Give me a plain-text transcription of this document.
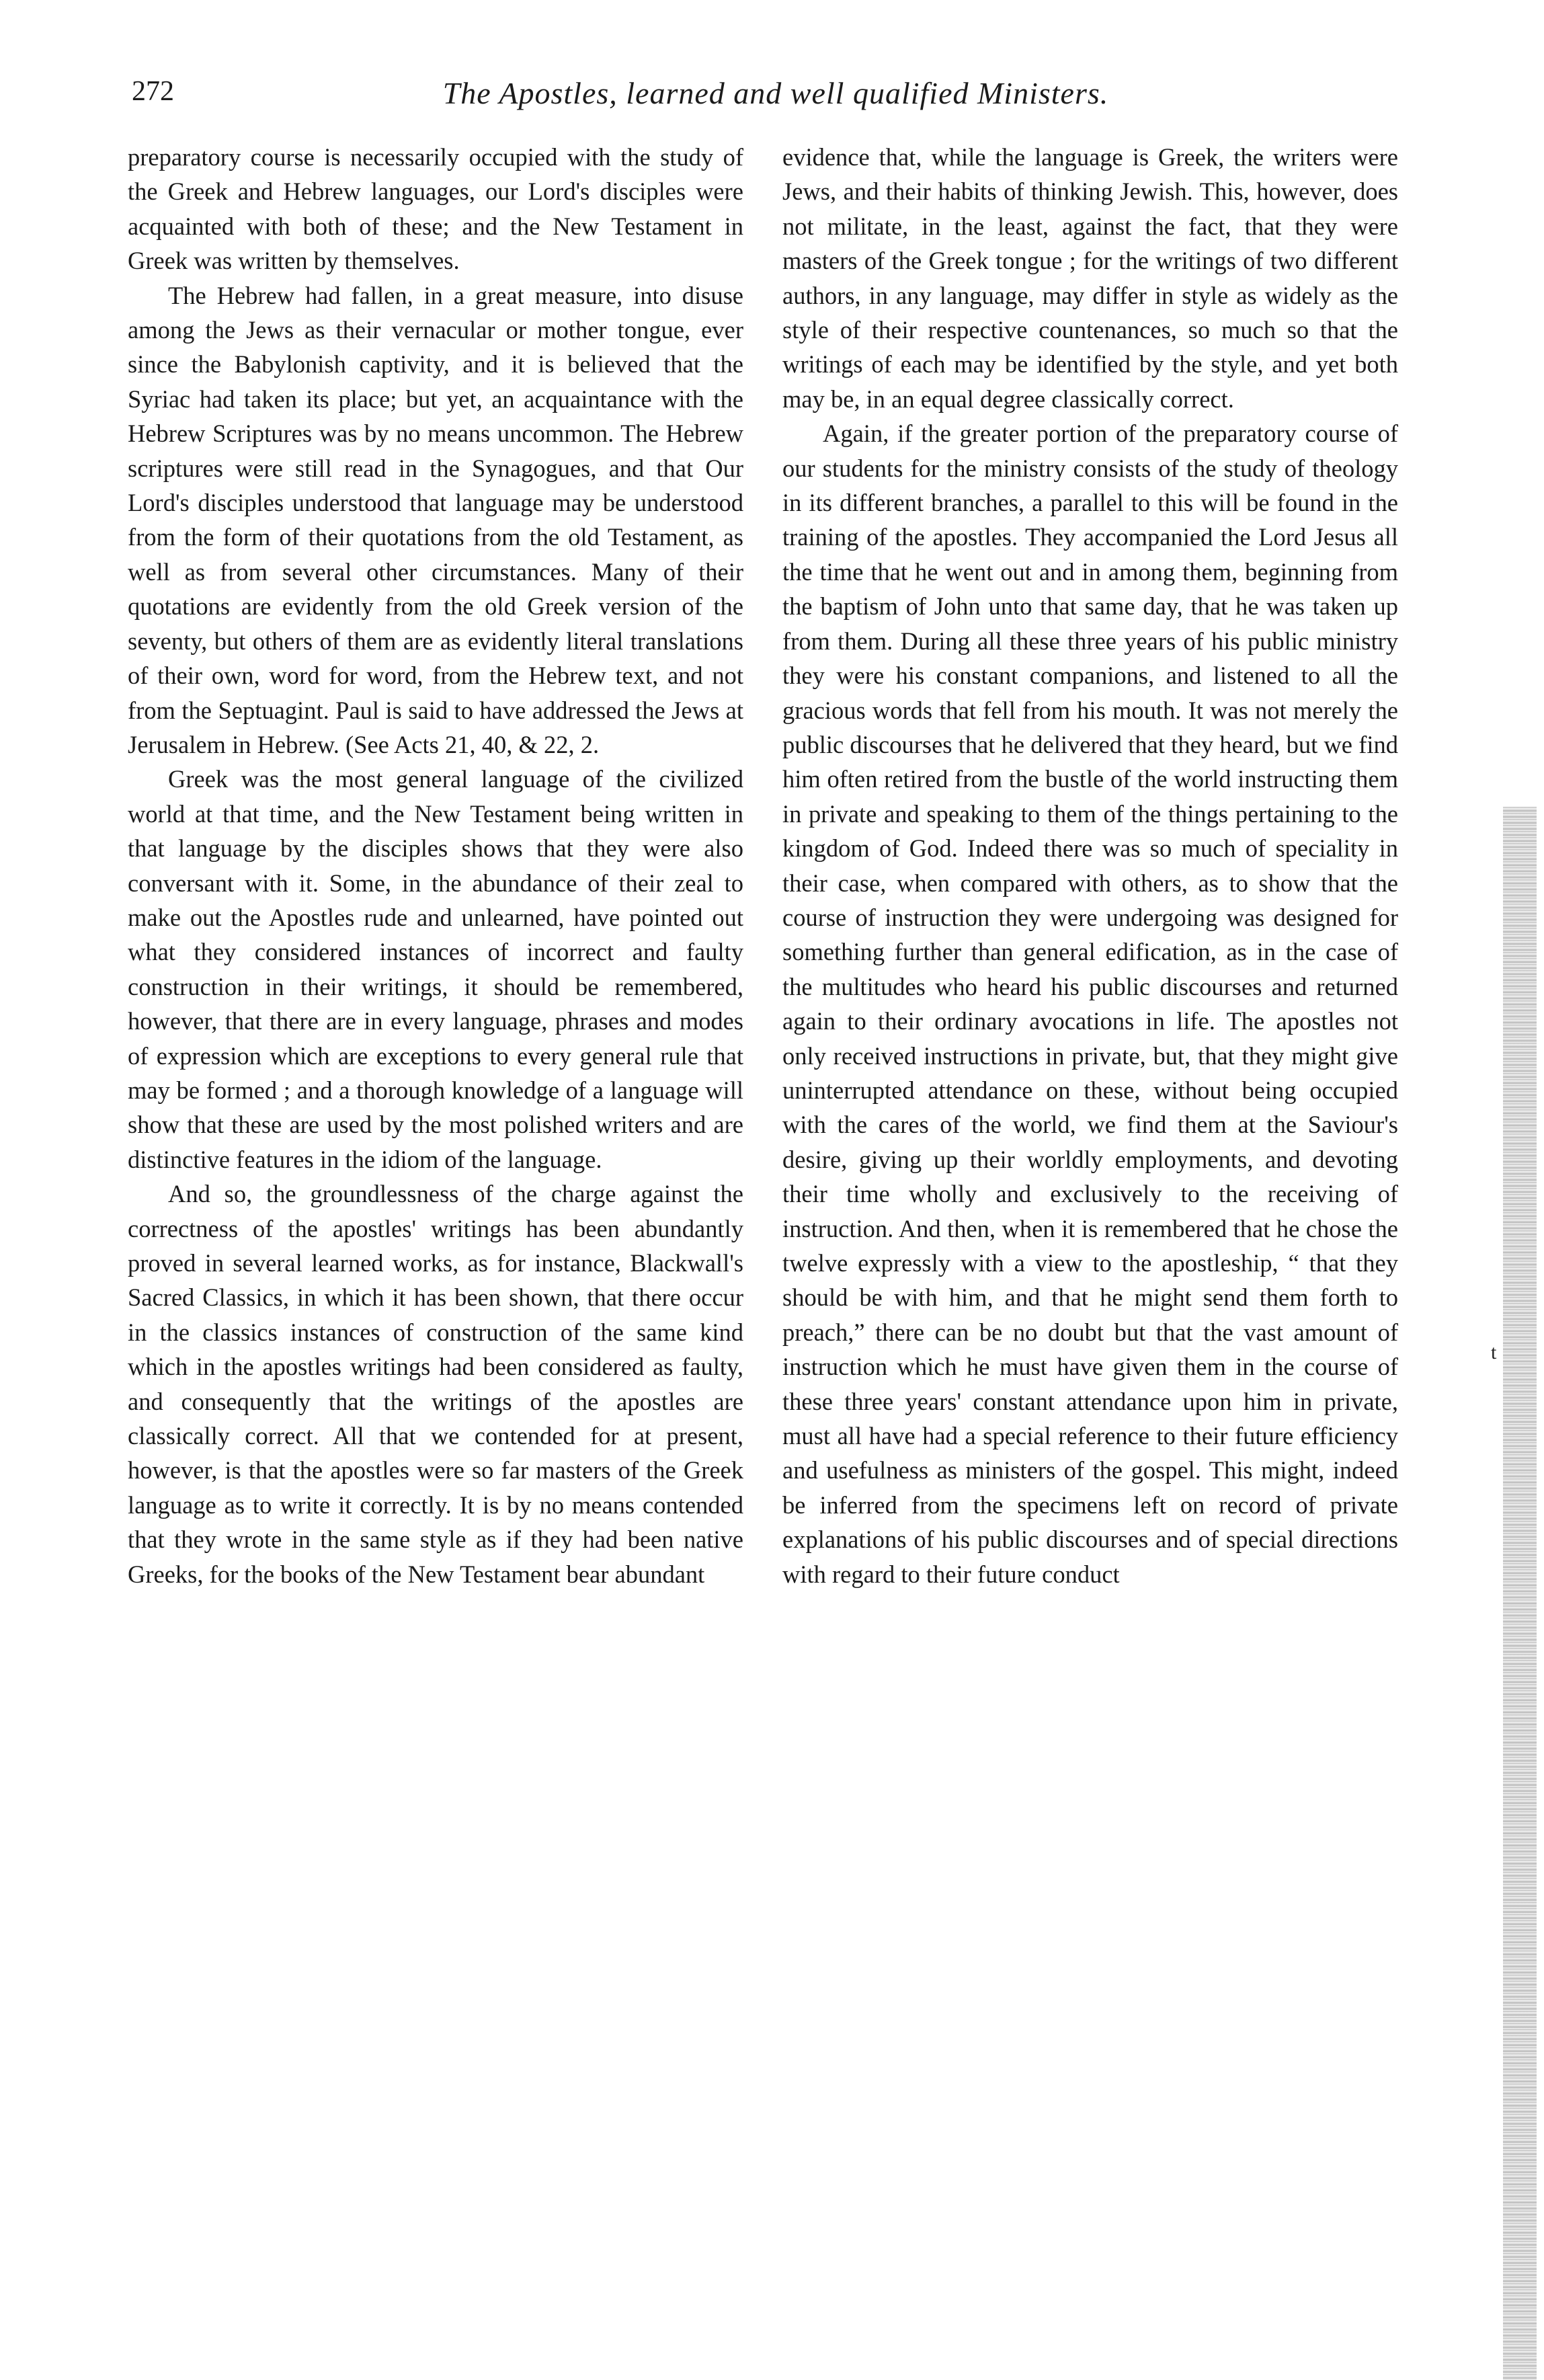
272	The Apostles, learned and well qualified Ministers.

preparatory course is necessarily occupied with the study of the Greek and Hebrew languages, our Lord's disciples were acquainted with both of these; and the New Testament in Greek was written by themselves.

The Hebrew had fallen, in a great measure, into disuse among the Jews as their vernacular or mother tongue, ever since the Babylonish captivity, and it is believed that the Syriac had taken its place; but yet, an acquaintance with the Hebrew Scriptures was by no means uncommon. The Hebrew scriptures were still read in the Synagogues, and that Our Lord's disciples understood that language may be understood from the form of their quotations from the old Testament, as well as from several other circumstances. Many of their quotations are evidently from the old Greek version of the seventy, but others of them are as evidently literal translations of their own, word for word, from the Hebrew text, and not from the Septuagint. Paul is said to have addressed the Jews at Jerusalem in Hebrew. (See Acts 21, 40, & 22, 2.

Greek was the most general language of the civilized world at that time, and the New Testament being written in that language by the disciples shows that they were also conversant with it. Some, in the abundance of their zeal to make out the Apostles rude and unlearned, have pointed out what they considered instances of incorrect and faulty construction in their writings, it should be remembered, however, that there are in every language, phrases and modes of expression which are exceptions to every general rule that may be formed ; and a thorough knowledge of a language will show that these are used by the most polished writers and are distinctive features in the idiom of the language.

And so, the groundlessness of the charge against the correctness of the apostles' writings has been abundantly proved in several learned works, as for instance, Blackwall's Sacred Classics, in which it has been shown, that there occur in the classics instances of construction of the same kind which in the apostles writings had been considered as faulty, and consequently that the writings of the apostles are classically correct. All that we contended for at present, however, is that the apostles were so far masters of the Greek language as to write it correctly. It is by no means contended that they wrote in the same style as if they had been native Greeks, for the books of the New Testament bear abundant

evidence that, while the language is Greek, the writers were Jews, and their habits of thinking Jewish. This, however, does not militate, in the least, against the fact, that they were masters of the Greek tongue ; for the writings of two different authors, in any language, may differ in style as widely as the style of their respective countenances, so much so that the writings of each may be identified by the style, and yet both may be, in an equal degree classically correct.

Again, if the greater portion of the preparatory course of our students for the ministry consists of the study of theology in its different branches, a parallel to this will be found in the training of the apostles. They accompanied the Lord Jesus all the time that he went out and in among them, beginning from the baptism of John unto that same day, that he was taken up from them. During all these three years of his public ministry they were his constant companions, and listened to all the gracious words that fell from his mouth. It was not merely the public discourses that he delivered that they heard, but we find him often retired from the bustle of the world instructing them in private and speaking to them of the things pertaining to the kingdom of God. Indeed there was so much of speciality in their case, when compared with others, as to show that the course of instruction they were undergoing was designed for something further than general edification, as in the case of the multitudes who heard his public discourses and returned again to their ordinary avocations in life. The apostles not only received instructions in private, but, that they might give uninterrupted attendance on these, without being occupied with the cares of the world, we find them at the Saviour's desire, giving up their worldly employments, and devoting their time wholly and exclusively to the receiving of instruction. And then, when it is remembered that he chose the twelve expressly with a view to the apostleship, “ that they should be with him, and that he might send them forth to preach,” there can be no doubt but that the vast amount of instruction which he must have given them in the course of these three years' constant attendance upon him in private, must all have had a special reference to their future efficiency and usefulness as ministers of the gospel. This might, indeed be inferred from the specimens left on record of private explanations of his public discourses and of special directions with regard to their future conduct

t
